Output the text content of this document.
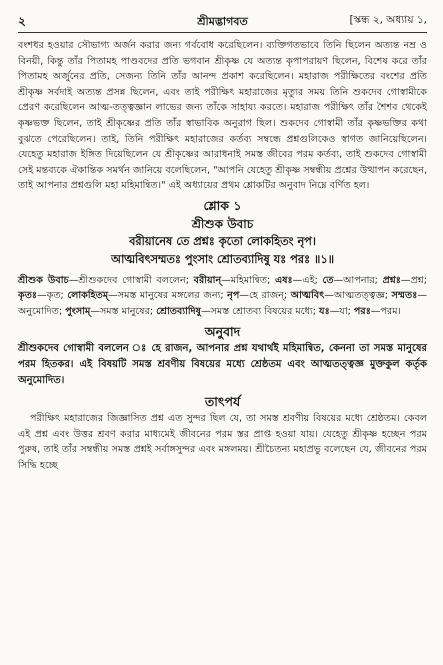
২	শ্রীমদ্ভাগবত	[স্কন্ধ ২, অধ্যায় ১,

বংশধর হওয়ার সৌভাগ্য অর্জন করার জন্য গর্ববোধ করেছিলেন। ব্যক্তিগতভাবে তিনি ছিলেন অত্যন্ত নম্র ও বিনয়ী, কিন্তু তাঁর পিতামহ পাণ্ডবদের প্রতি ভগবান শ্রীকৃষ্ণ যে অত্যন্ত কৃপাপরায়ণ ছিলেন, বিশেষ করে তাঁর পিতামহ অর্জুনের প্রতি, সেজন্য তিনি তাঁর আনন্দ প্রকাশ করেছিলেন। মহারাজ পরীক্ষিতের বংশের প্রতি শ্রীকৃষ্ণ সর্বদাই অত্যন্ত প্রসন্ন ছিলেন, এবং তাই পরীক্ষিৎ মহারাজের মৃত্যুর সময় তিনি শুকদেব গোস্বামীকে প্রেরণ করেছিলেন আত্ম-তত্ত্বজ্ঞান লাভের জন্য তাঁকে সাহায্য করতে। মহারাজ পরীক্ষিৎ তাঁর শৈশব থেকেই কৃষ্ণভক্ত ছিলেন, তাই শ্রীকৃষ্ণের প্রতি তাঁর স্বাভাবিক অনুরাগ ছিল। শুকদেব গোস্বামী তাঁর কৃষ্ণভক্তির কথা বুঝতে পেরেছিলেন। তাই, তিনি পরীক্ষিৎ মহারাজের কর্তব্য সম্বন্ধে প্রশ্নগুলিকেও স্বাগত জানিয়েছিলেন। যেহেতু মহারাজ ইঙ্গিত দিয়েছিলেন যে শ্রীকৃষ্ণের আরাধনাই সমস্ত জীবের পরম কর্তব্য, তাই শুকদেব গোস্বামী সেই মন্তব্যকে ঐকান্তিক সমর্থন জানিয়ে বলেছিলেন, "আপনি যেহেতু শ্রীকৃষ্ণ সম্বন্ধীয় প্রশ্নের উত্থাপন করেছেন, তাই আপনার প্রশ্নগুলি মহা মহিমান্বিত।" এই অধ্যায়ের প্রথম শ্লোকটির অনুবাদ নিম্নে বর্ণিত হল।

শ্লোক ১

শ্রীশুক উবাচ

বরীয়ানেষ তে প্রশ্নঃ কৃতো লোকহিতং নৃপ।

আত্মবিৎসম্মতঃ পুংসাং শ্রোতব্যাদিষু যঃ পরঃ ॥১॥

শ্রীশুক উবাচ—শ্রীশুকদেব গোস্বামী বললেন; বরীয়ান্—মহিমান্বিত; এষঃ—এই; তে—আপনার; প্রশ্নঃ—প্রশ্ন; কৃতঃ—কৃত; লোকহিতম্—সমস্ত মানুষের মঙ্গলের জন্য; নৃপ—হে রাজন্; আত্মবিৎ—আত্মতত্ত্বজ্ঞ; সম্মতঃ—অনুমোদিত; পুংসাম্—সমস্ত মানুষের; শ্রোতব্যাদিষু—সমস্ত শ্রোতব্য বিষয়ের মধ্যে; যঃ—যা; পরঃ—পরম।

অনুবাদ

শ্রীশুকদেব গোস্বামী বললেন ঃ হে রাজন, আপনার প্রশ্ন যথার্থই মহিমান্বিত, কেননা তা সমস্ত মানুষের পরম হিতকর। এই বিষয়টি সমস্ত শ্রবণীয় বিষয়ের মধ্যে শ্রেষ্ঠতম এবং আত্মতত্ত্বজ্ঞ মুক্তকুল কর্তৃক অনুমোদিত।

তাৎপর্য

পরীক্ষিৎ মহারাজের জিজ্ঞাসিত প্রশ্ন এত সুন্দর ছিল যে, তা সমস্ত শ্রবণীয় বিষয়ের মধ্যে শ্রেষ্ঠতম। কেবল এই প্রশ্ন এবং উত্তর শ্রবণ করার মাধ্যমেই জীবনের পরম স্তর প্রাপ্ত হওয়া যায়। যেহেতু শ্রীকৃষ্ণ হচ্ছেন পরম পুরুষ, তাই তাঁর সম্বন্ধীয় সমস্ত প্রশ্নই সর্বাঙ্গসুন্দর এবং মঙ্গলময়। শ্রীচৈতন্য মহাপ্রভু বলেছেন যে, জীবনের পরম সিদ্ধি হচ্ছে
